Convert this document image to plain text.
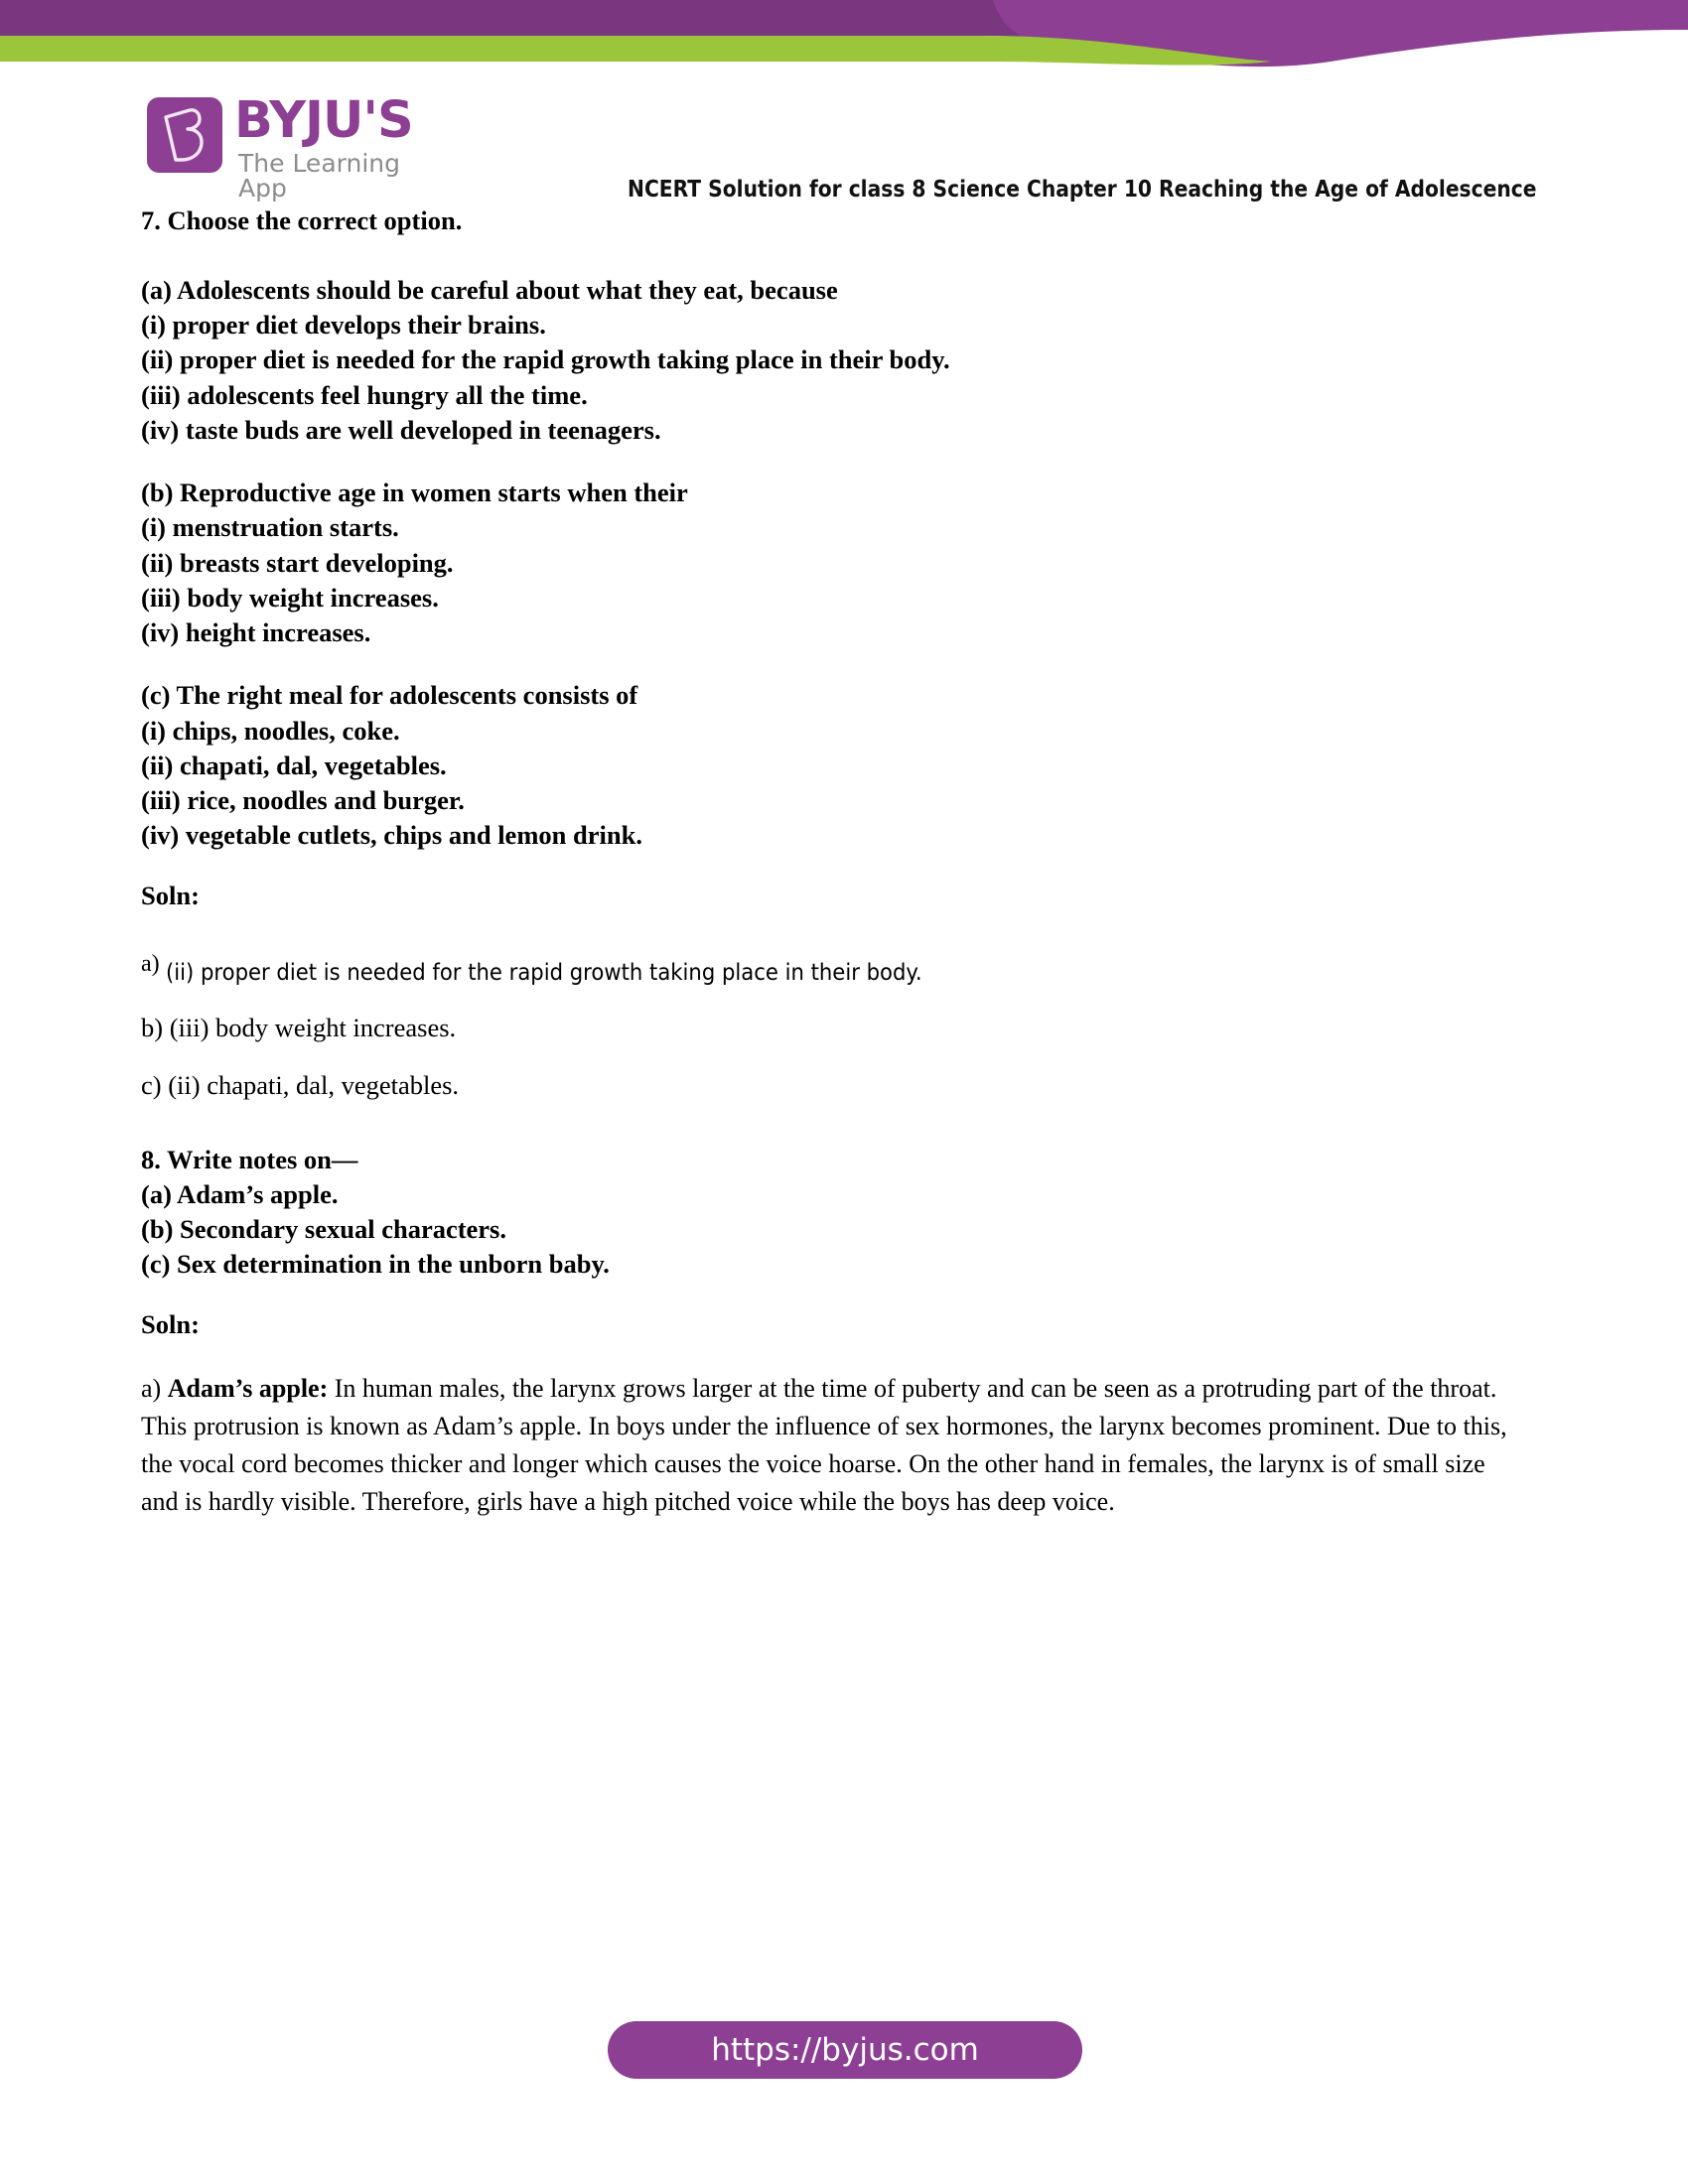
BYJU'S
The Learning App	NCERT Solution for class 8 Science Chapter 10 Reaching the Age of Adolescence

7. Choose the correct option.

(a) Adolescents should be careful about what they eat, because
(i) proper diet develops their brains.
(ii) proper diet is needed for the rapid growth taking place in their body.
(iii) adolescents feel hungry all the time.
(iv) taste buds are well developed in teenagers.
(b) Reproductive age in women starts when their
(i) menstruation starts.
(ii) breasts start developing.
(iii) body weight increases.
(iv) height increases.
(c) The right meal for adolescents consists of
(i) chips, noodles, coke.
(ii) chapati, dal, vegetables.
(iii) rice, noodles and burger.
(iv) vegetable cutlets, chips and lemon drink.

Soln:

a) (ii) proper diet is needed for the rapid growth taking place in their body.

b) (iii) body weight increases.

c) (ii) chapati, dal, vegetables.

8. Write notes on—
(a) Adam’s apple.
(b) Secondary sexual characters.
(c) Sex determination in the unborn baby.

Soln:

a) Adam’s apple: In human males, the larynx grows larger at the time of puberty and can be seen as a protruding part of the throat. This protrusion is known as Adam’s apple. In boys under the influence of sex hormones, the larynx becomes prominent. Due to this, the vocal cord becomes thicker and longer which causes the voice hoarse. On the other hand in females, the larynx is of small size and is hardly visible. Therefore, girls have a high pitched voice while the boys has deep voice.

https://byjus.com
